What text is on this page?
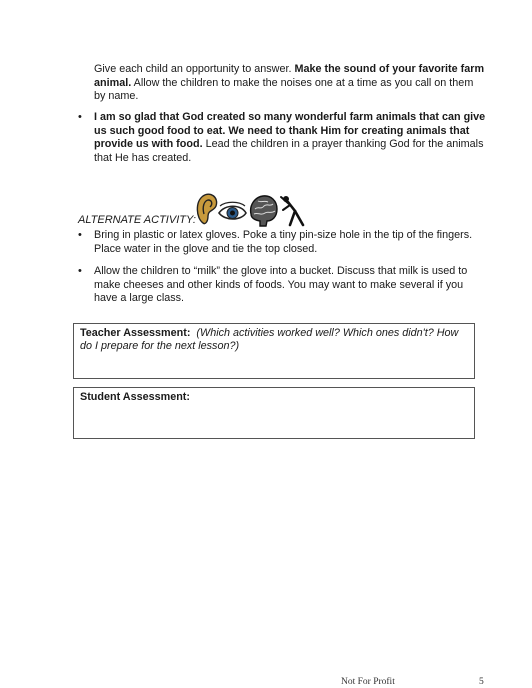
Give each child an opportunity to answer. Make the sound of your favorite farm animal. Allow the children to make the noises one at a time as you call on them by name.
•	I am so glad that God created so many wonderful farm animals that can give us such good food to eat. We need to thank Him for creating animals that provide us with food. Lead the children in a prayer thanking God for the animals that He has created.
ALTERNATE ACTIVITY:
•	Bring in plastic or latex gloves. Poke a tiny pin-size hole in the tip of the fingers. Place water in the glove and tie the top closed.
•	Allow the children to “milk” the glove into a bucket. Discuss that milk is used to make cheeses and other kinds of foods. You may want to make several if you have a large class.
Teacher Assessment: (Which activities worked well? Which ones didn't? How do I prepare for the next lesson?)
Student Assessment:
Not For Profit	5
